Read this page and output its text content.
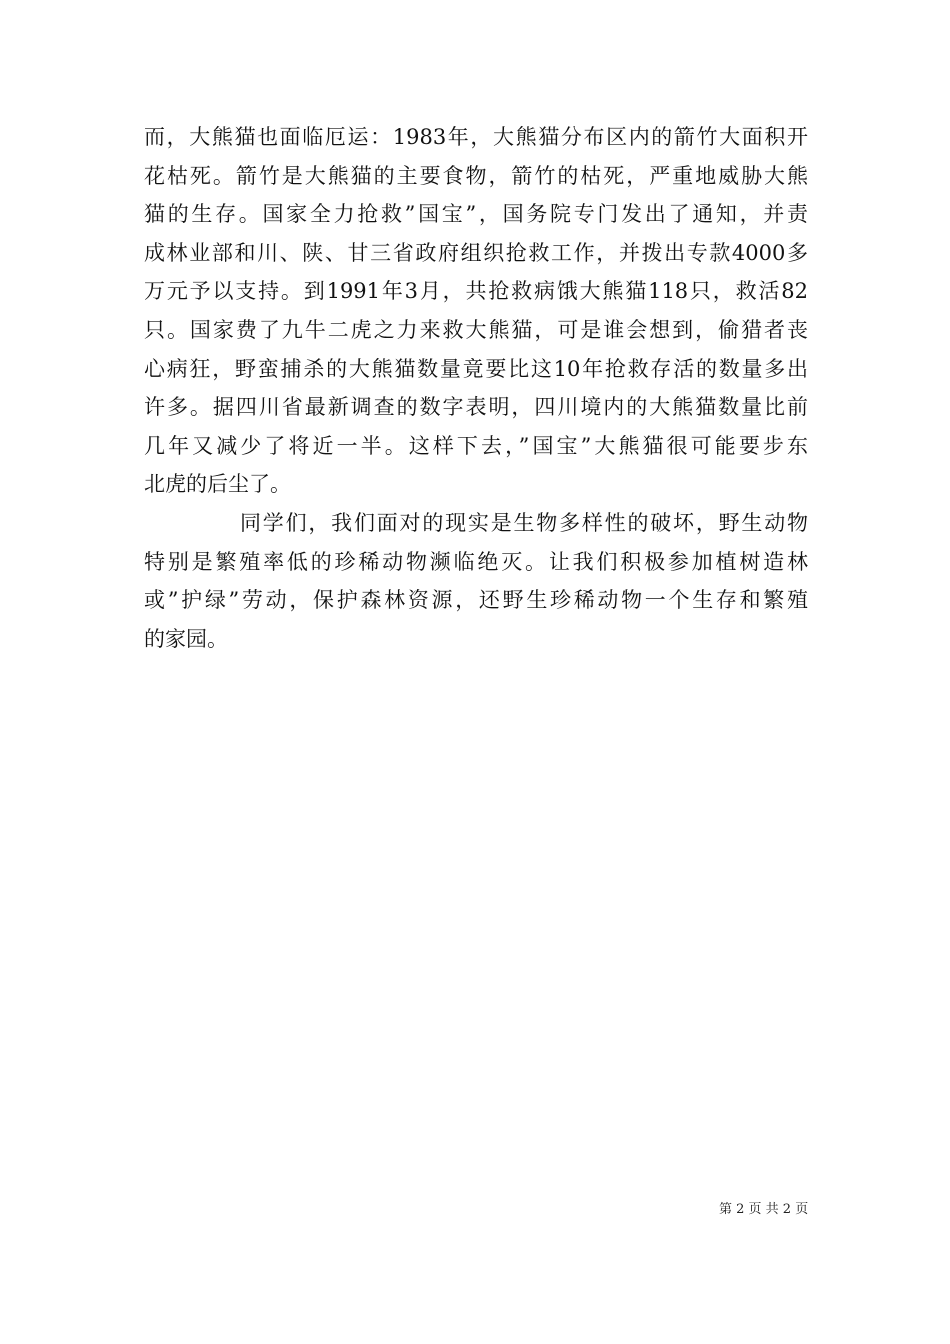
而，大熊猫也面临厄运：1983年，大熊猫分布区内的箭竹大面积开
花枯死。箭竹是大熊猫的主要食物，箭竹的枯死，严重地威胁大熊
猫的生存。国家全力抢救”国宝”，国务院专门发出了通知，并责
成林业部和川、陕、甘三省政府组织抢救工作，并拨出专款4000多
万元予以支持。到1991年3月，共抢救病饿大熊猫118只，救活82
只。国家费了九牛二虎之力来救大熊猫，可是谁会想到，偷猎者丧
心病狂，野蛮捕杀的大熊猫数量竟要比这10年抢救存活的数量多出
许多。据四川省最新调查的数字表明，四川境内的大熊猫数量比前
几年又减少了将近一半。这样下去，”国宝”大熊猫很可能要步东
北虎的后尘了。
同学们，我们面对的现实是生物多样性的破坏，野生动物
特别是繁殖率低的珍稀动物濒临绝灭。让我们积极参加植树造林
或”护绿”劳动，保护森林资源，还野生珍稀动物一个生存和繁殖
的家园。
第 2 页 共 2 页
